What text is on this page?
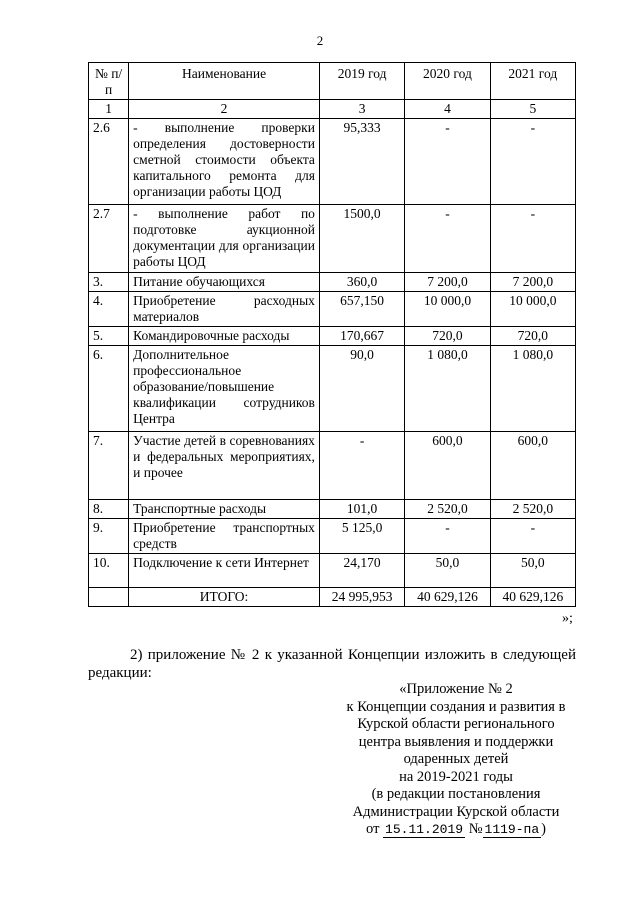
2
№ п/п	Наименование	2019 год	2020 год	2021 год
1	2	3	4	5
2.6	- выполнение проверки определения достоверности сметной стоимости объекта капитального ремонта для организации работы ЦОД	95,333	-	-
2.7	- выполнение работ по подготовке аукционной документации для организации работы ЦОД	1500,0	-	-
3.	Питание обучающихся	360,0	7 200,0	7 200,0
4.	Приобретение расходных материалов	657,150	10 000,0	10 000,0
5.	Командировочные расходы	170,667	720,0	720,0
6.	Дополнительное профессиональное образование/повышение квалификации сотрудников Центра	90,0	1 080,0	1 080,0
7.	Участие детей в соревнованиях и федеральных мероприятиях, и прочее	-	600,0	600,0
8.	Транспортные расходы	101,0	2 520,0	2 520,0
9.	Приобретение транспортных средств	5 125,0	-	-
10.	Подключение к сети Интернет	24,170	50,0	50,0
	ИТОГО:	24 995,953	40 629,126	40 629,126
»;
2) приложение № 2 к указанной Концепции изложить в следующей редакции:
«Приложение № 2
к Концепции создания и развития в Курской области регионального центра выявления и поддержки одаренных детей
на 2019-2021 годы
(в редакции постановления Администрации Курской области
от 15.11.2019 № 1119-па )
